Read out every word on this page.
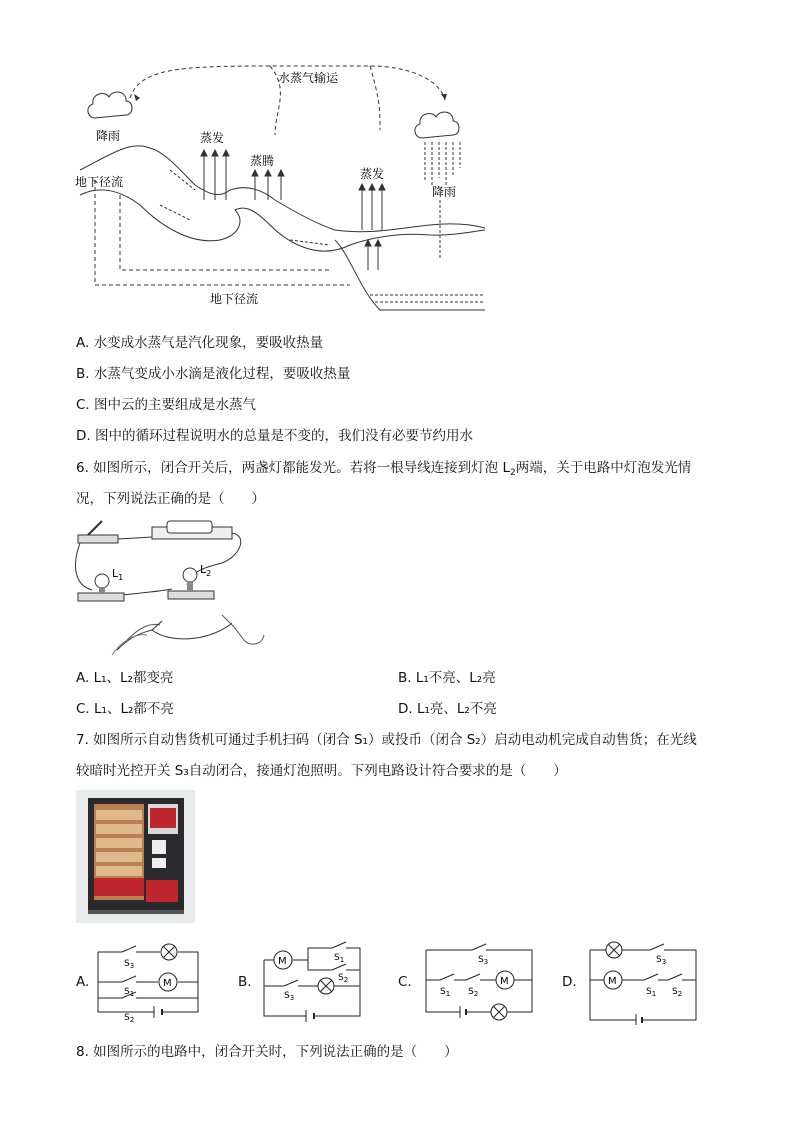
水蒸气输运
降雨
降雨
地下径流
地下径流
蒸发
蒸腾
蒸发
A. 水变成水蒸气是汽化现象，要吸收热量
B. 水蒸气变成小水滴是液化过程，要吸收热量
C. 图中云的主要组成是水蒸气
D. 图中的循环过程说明水的总量是不变的，我们没有必要节约用水
6. 如图所示，闭合开关后，两盏灯都能发光。若将一根导线连接到灯泡 $L_2$两端，关于电路中灯泡发光情
况，下列说法正确的是（　　）
$L_1$
$L_2$
A. L₁、L₂都变亮	B. L₁不亮、L₂亮
C. L₁、L₂都不亮	D. L₁亮、L₂不亮
7. 如图所示自动售货机可通过手机扫码（闭合 S₁）或投币（闭合 S₂）启动电动机完成自动售货；在光线
较暗时光控开关 S₃自动闭合，接通灯泡照明。下列电路设计符合要求的是（　　）
A.	B.	C.	D.
M
$S_3$
$S_1$
$S_2$
M	$S_1$
$S_2$
$S_3$
M
$S_3$
$S_1$ $S_2$
M
$S_3$
$S_1$ $S_2$
8. 如图所示的电路中，闭合开关时，下列说法正确的是（　　）
